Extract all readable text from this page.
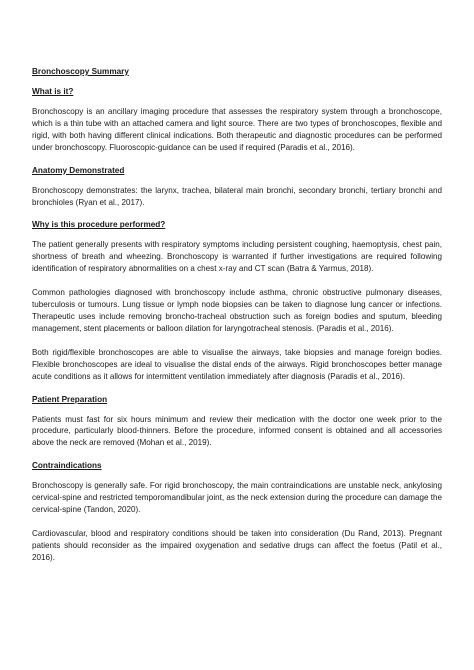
Bronchoscopy Summary
What is it?
Bronchoscopy is an ancillary imaging procedure that assesses the respiratory system through a bronchoscope, which is a thin tube with an attached camera and light source. There are two types of bronchoscopes, flexible and rigid, with both having different clinical indications. Both therapeutic and diagnostic procedures can be performed under bronchoscopy. Fluoroscopic-guidance can be used if required (Paradis et al., 2016).
Anatomy Demonstrated
Bronchoscopy demonstrates: the larynx, trachea, bilateral main bronchi, secondary bronchi, tertiary bronchi and bronchioles (Ryan et al., 2017).
Why is this procedure performed?
The patient generally presents with respiratory symptoms including persistent coughing, haemoptysis, chest pain, shortness of breath and wheezing. Bronchoscopy is warranted if further investigations are required following identification of respiratory abnormalities on a chest x-ray and CT scan (Batra & Yarmus, 2018).
Common pathologies diagnosed with bronchoscopy include asthma, chronic obstructive pulmonary diseases, tuberculosis or tumours. Lung tissue or lymph node biopsies can be taken to diagnose lung cancer or infections. Therapeutic uses include removing broncho-tracheal obstruction such as foreign bodies and sputum, bleeding management, stent placements or balloon dilation for laryngotracheal stenosis. (Paradis et al., 2016).
Both rigid/flexible bronchoscopes are able to visualise the airways, take biopsies and manage foreign bodies. Flexible bronchoscopes are ideal to visualise the distal ends of the airways. Rigid bronchoscopes better manage acute conditions as it allows for intermittent ventilation immediately after diagnosis (Paradis et al., 2016).
Patient Preparation
Patients must fast for six hours minimum and review their medication with the doctor one week prior to the procedure, particularly blood-thinners. Before the procedure, informed consent is obtained and all accessories above the neck are removed (Mohan et al., 2019).
Contraindications
Bronchoscopy is generally safe. For rigid bronchoscopy, the main contraindications are unstable neck, ankylosing cervical-spine and restricted temporomandibular joint, as the neck extension during the procedure can damage the cervical-spine (Tandon, 2020).
Cardiovascular, blood and respiratory conditions should be taken into consideration (Du Rand, 2013). Pregnant patients should reconsider as the impaired oxygenation and sedative drugs can affect the foetus (Patil et al., 2016).
